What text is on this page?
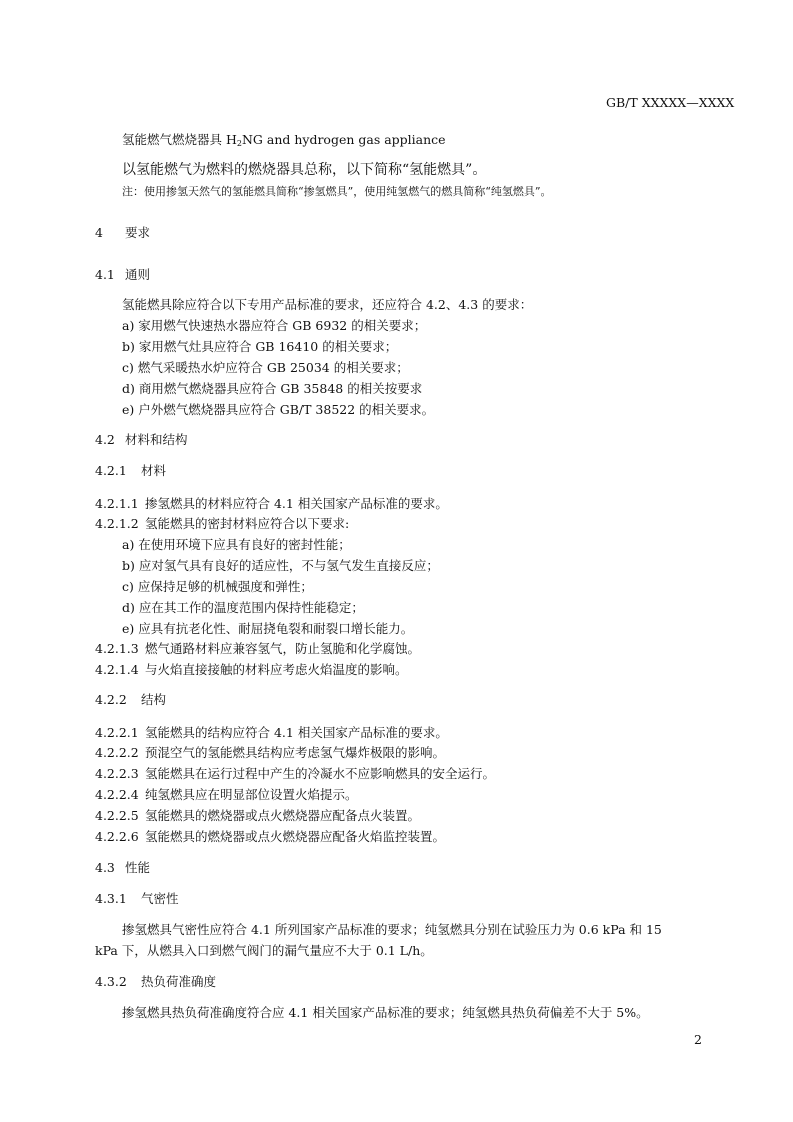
GB/T XXXXX—XXXX
氢能燃气燃烧器具 $H_2NG$ and hydrogen gas appliance
以氢能燃气为燃料的燃烧器具总称，以下简称“氢能燃具”。
注：使用掺氢天然气的氢能燃具简称“掺氢燃具”，使用纯氢燃气的燃具简称“纯氢燃具”。
4 要求
4.1 通则
氢能燃具除应符合以下专用产品标准的要求，还应符合 4.2、4.3 的要求：
a) 家用燃气快速热水器应符合 GB 6932 的相关要求；
b) 家用燃气灶具应符合 GB 16410 的相关要求；
c) 燃气采暖热水炉应符合 GB 25034 的相关要求；
d) 商用燃气燃烧器具应符合 GB 35848 的相关按要求
e) 户外燃气燃烧器具应符合 GB/T 38522 的相关要求。
4.2 材料和结构
4.2.1 材料
4.2.1.1 掺氢燃具的材料应符合 4.1 相关国家产品标准的要求。
4.2.1.2 氢能燃具的密封材料应符合以下要求:
a) 在使用环境下应具有良好的密封性能；
b) 应对氢气具有良好的适应性，不与氢气发生直接反应；
c) 应保持足够的机械强度和弹性；
d) 应在其工作的温度范围内保持性能稳定；
e) 应具有抗老化性、耐屈挠龟裂和耐裂口增长能力。
4.2.1.3 燃气通路材料应兼容氢气，防止氢脆和化学腐蚀。
4.2.1.4 与火焰直接接触的材料应考虑火焰温度的影响。
4.2.2 结构
4.2.2.1 氢能燃具的结构应符合 4.1 相关国家产品标准的要求。
4.2.2.2 预混空气的氢能燃具结构应考虑氢气爆炸极限的影响。
4.2.2.3 氢能燃具在运行过程中产生的冷凝水不应影响燃具的安全运行。
4.2.2.4 纯氢燃具应在明显部位设置火焰提示。
4.2.2.5 氢能燃具的燃烧器或点火燃烧器应配备点火装置。
4.2.2.6 氢能燃具的燃烧器或点火燃烧器应配备火焰监控装置。
4.3 性能
4.3.1 气密性
掺氢燃具气密性应符合 4.1 所列国家产品标准的要求；纯氢燃具分别在试验压力为 0.6 kPa 和 15
kPa 下，从燃具入口到燃气阀门的漏气量应不大于 0.1 L/h。
4.3.2 热负荷准确度
掺氢燃具热负荷准确度符合应 4.1 相关国家产品标准的要求；纯氢燃具热负荷偏差不大于 5%。
2
